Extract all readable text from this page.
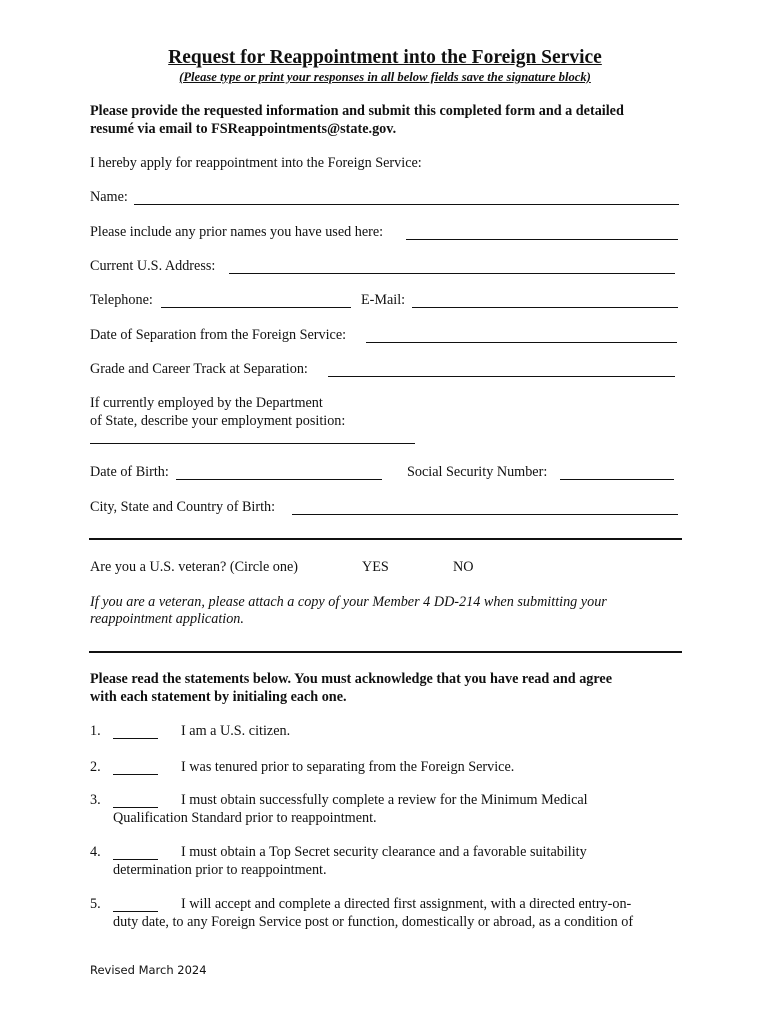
Request for Reappointment into the Foreign Service
(Please type or print your responses in all below fields save the signature block)
Please provide the requested information and submit this completed form and a detailed
resumé via email to FSReappointments@state.gov.
I hereby apply for reappointment into the Foreign Service:
Name:
Please include any prior names you have used here:
Current U.S. Address:
Telephone:	E-Mail:
Date of Separation from the Foreign Service:
Grade and Career Track at Separation:
If currently employed by the Department
of State, describe your employment position:
Date of Birth:	Social Security Number:
City, State and Country of Birth:
Are you a U.S. veteran? (Circle one)	YES	NO
If you are a veteran, please attach a copy of your Member 4 DD-214 when submitting your
reappointment application.
Please read the statements below. You must acknowledge that you have read and agree
with each statement by initialing each one.
1.	I am a U.S. citizen.
2.	I was tenured prior to separating from the Foreign Service.
3.	I must obtain successfully complete a review for the Minimum Medical
Qualification Standard prior to reappointment.
4.	I must obtain a Top Secret security clearance and a favorable suitability
determination prior to reappointment.
5.	I will accept and complete a directed first assignment, with a directed entry-on-
duty date, to any Foreign Service post or function, domestically or abroad, as a condition of
Revised March 2024
